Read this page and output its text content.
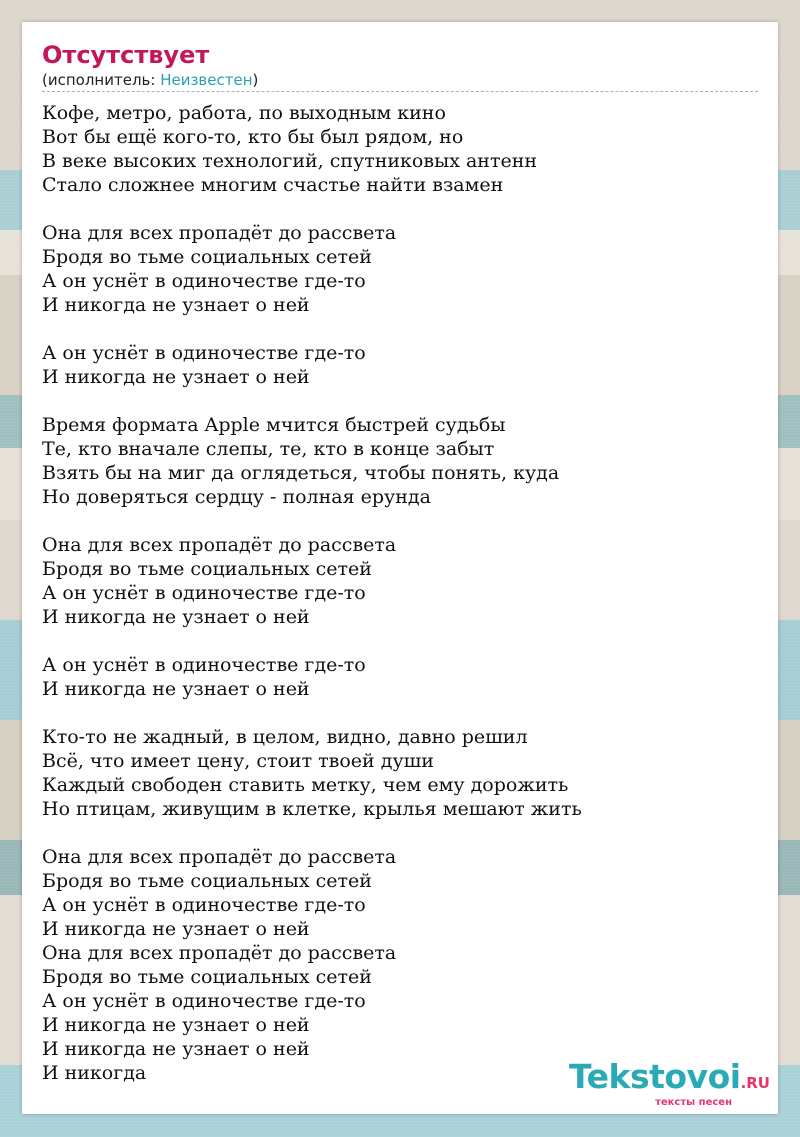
Отсутствует
(исполнитель: Неизвестен)
Кофе, метро, работа, по выходным кино
Вот бы ещё кого-то, кто бы был рядом, но
В веке высоких технологий, спутниковых антенн
Стало сложнее многим счастье найти взамен
Она для всех пропадёт до рассвета
Бродя во тьме социальных сетей
А он уснёт в одиночестве где-то
И никогда не узнает о ней
А он уснёт в одиночестве где-то
И никогда не узнает о ней
Время формата Apple мчится быстрей судьбы
Те, кто вначале слепы, те, кто в конце забыт
Взять бы на миг да оглядеться, чтобы понять, куда
Но доверяться сердцу - полная ерунда
Она для всех пропадёт до рассвета
Бродя во тьме социальных сетей
А он уснёт в одиночестве где-то
И никогда не узнает о ней
А он уснёт в одиночестве где-то
И никогда не узнает о ней
Кто-то не жадный, в целом, видно, давно решил
Всё, что имеет цену, стоит твоей души
Каждый свободен ставить метку, чем ему дорожить
Но птицам, живущим в клетке, крылья мешают жить
Она для всех пропадёт до рассвета
Бродя во тьме социальных сетей
А он уснёт в одиночестве где-то
И никогда не узнает о ней
Она для всех пропадёт до рассвета
Бродя во тьме социальных сетей
А он уснёт в одиночестве где-то
И никогда не узнает о ней
И никогда не узнает о ней
И никогда	Tekstovoi.RU
тексты песен
